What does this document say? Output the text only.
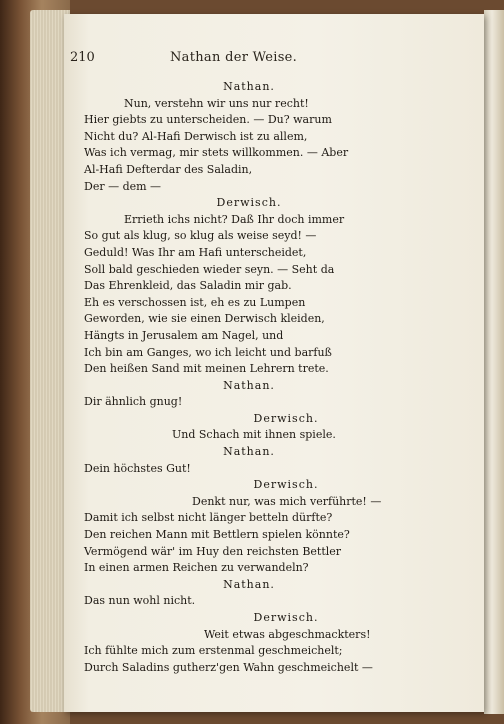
210	Nathan der Weise.
Nathan.
Nun, verstehn wir uns nur recht!
Hier giebts zu unterscheiden. — Du? warum
Nicht du? Al-Hafi Derwisch ist zu allem,
Was ich vermag, mir stets willkommen. — Aber
Al-Hafi Defterdar des Saladin,
Der — dem —
Derwisch.
Errieth ichs nicht? Daß Ihr doch immer
So gut als klug, so klug als weise seyd! —
Geduld! Was Ihr am Hafi unterscheidet,
Soll bald geschieden wieder seyn. — Seht da
Das Ehrenkleid, das Saladin mir gab.
Eh es verschossen ist, eh es zu Lumpen
Geworden, wie sie einen Derwisch kleiden,
Hängts in Jerusalem am Nagel, und
Ich bin am Ganges, wo ich leicht und barfuß
Den heißen Sand mit meinen Lehrern trete.
Nathan.
Dir ähnlich gnug!
Derwisch.
Und Schach mit ihnen spiele.
Nathan.
Dein höchstes Gut!
Derwisch.
Denkt nur, was mich verführte! —
Damit ich selbst nicht länger betteln dürfte?
Den reichen Mann mit Bettlern spielen könnte?
Vermögend wär' im Huy den reichsten Bettler
In einen armen Reichen zu verwandeln?
Nathan.
Das nun wohl nicht.
Derwisch.
Weit etwas abgeschmackters!
Ich fühlte mich zum erstenmal geschmeichelt;
Durch Saladins gutherz'gen Wahn geschmeichelt —
